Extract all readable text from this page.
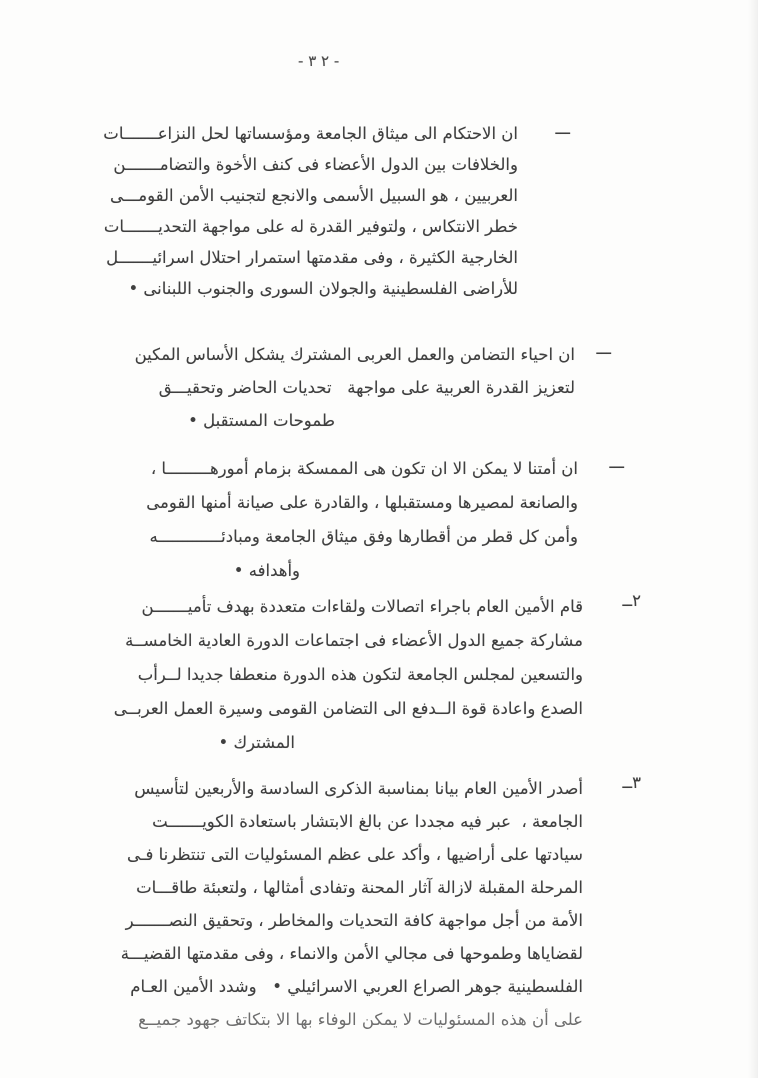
- ٢ ٣ -
ـــ
ان الاحتكام الى ميثاق الجامعة ومؤسساتها لحل النزاعـــــــات
والخلافات بين الدول الأعضاء فى كنف الأخوة والتضامـــــــن
العربيين ، هو السبيل الأسمى والانجع لتجنيب الأمن القومـــى
خطر الانتكاس ، ولتوفير القدرة له على مواجهة التحديـــــــات
الخارجية الكثيرة ، وفى مقدمتها استمرار احتلال اسرائيـــــــل
للأراضى الفلسطينية والجولان السورى والجنوب اللبنانى •
ـــ
ان احياء التضامن والعمل العربى المشترك يشكل الأساس المكين
لتعزيز القدرة العربية على مواجهة   تحديات الحاضر وتحقيـــق
طموحات المستقبل •
ـــ
ان أمتنا لا يمكن الا ان تكون هى الممسكة بزمام أمورهـــــــــا ،
والصانعة لمصيرها ومستقبلها ، والقادرة على صيانة أمنها القومى
وأمن كل قطر من أقطارها وفق ميثاق الجامعة ومبادئـــــــــــــه
وأهدافه •
٢ــ
قام الأمين العام باجراء اتصالات ولقاءات متعددة بهدف تأميـــــــن
مشاركة جميع الدول الأعضاء فى اجتماعات الدورة العادية الخامســة
والتسعين لمجلس الجامعة لتكون هذه الدورة منعطفا جديدا لــرأب
الصدع واعادة قوة الــدفع الى التضامن القومى وسيرة العمل العربــى
المشترك •
٣ــ
أصدر الأمين العام بيانا بمناسبة الذكرى السادسة والأربعين لتأسيس
الجامعة ،  عبر فيه مجددا عن بالغ الابتشار باستعادة الكويـــــــت
سيادتها على أراضيها ، وأكد على عظم المسئوليات التى تنتظرنا فـى
المرحلة المقبلة لازالة آثار المحنة وتفادى أمثالها ، ولتعبئة طاقـــات
الأمة من أجل مواجهة كافة التحديات والمخاطر ، وتحقيق النصـــــــر
لقضاياها وطموحها فى مجالي الأمن والانماء ، وفى مقدمتها القضيـــة
الفلسطينية جوهر الصراع العربي الاسرائيلي •   وشدد الأمين العـام
على أن هذه المسئوليات لا يمكن الوفاء بها الا بتكاتف جهود جميــع
